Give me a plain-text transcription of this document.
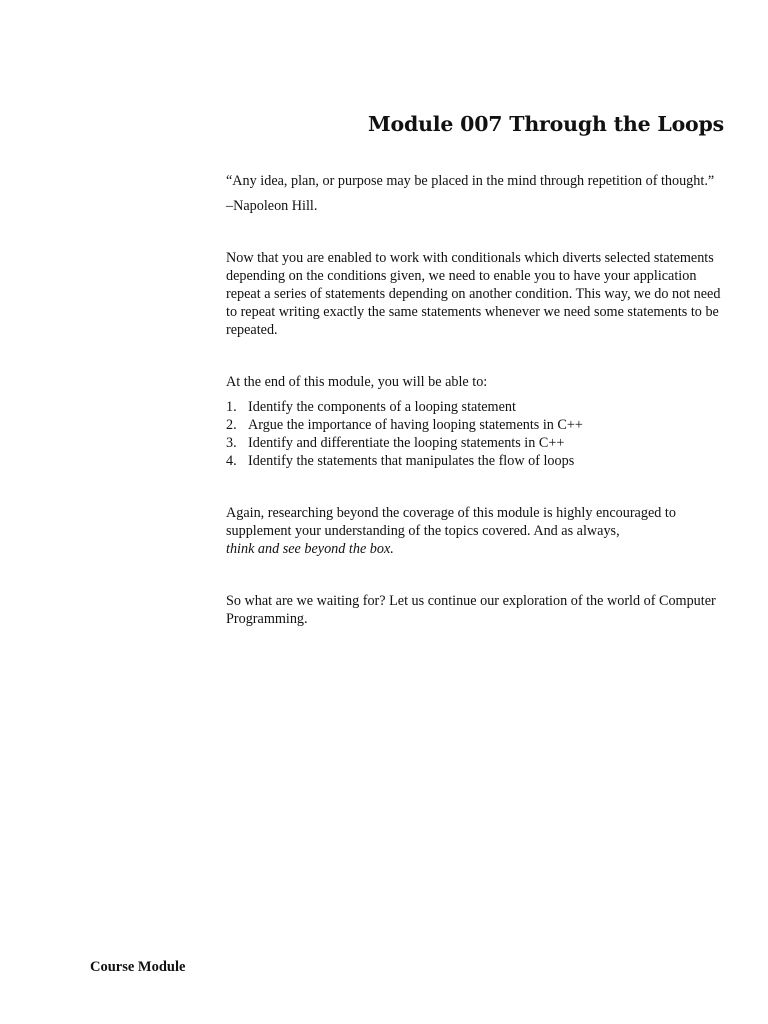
Module 007 Through the Loops

“Any idea, plan, or purpose may be placed in the mind through repetition of thought.”

–Napoleon Hill.

Now that you are enabled to work with conditionals which diverts selected statements depending on the conditions given, we need to enable you to have your application repeat a series of statements depending on another condition. This way, we do not need to repeat writing exactly the same statements whenever we need some statements to be repeated.

At the end of this module, you will be able to:

1. Identify the components of a looping statement
2. Argue the importance of having looping statements in C++
3. Identify and differentiate the looping statements in C++
4. Identify the statements that manipulates the flow of loops

Again, researching beyond the coverage of this module is highly encouraged to supplement your understanding of the topics covered. And as always,
think and see beyond the box.

So what are we waiting for? Let us continue our exploration of the world of Computer Programming.

Course Module
